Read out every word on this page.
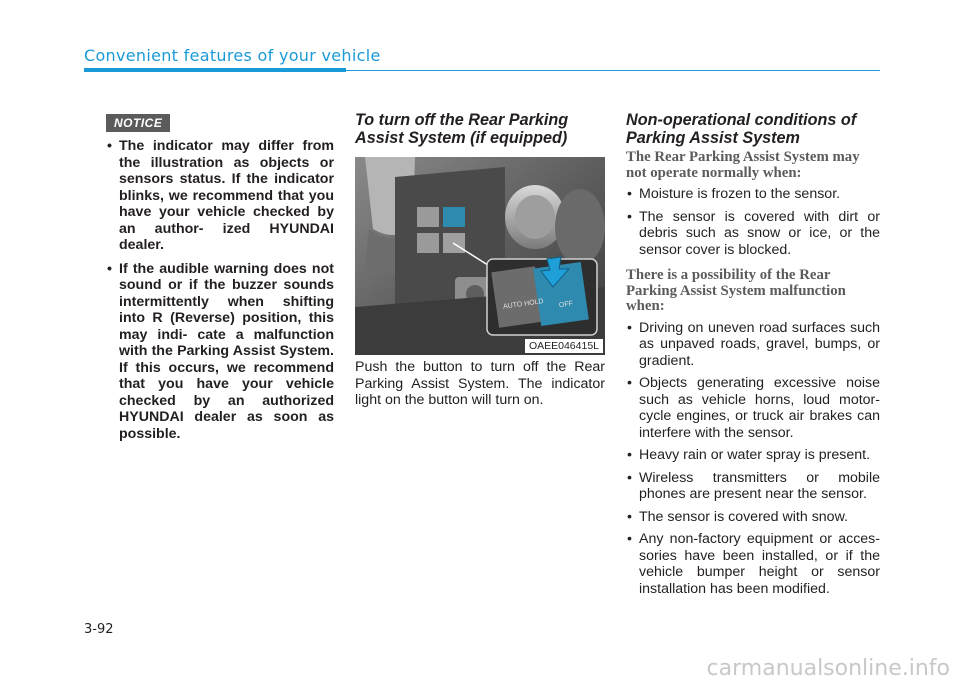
Convenient features of your vehicle
NOTICE
• The indicator may differ from the illustration as objects or sensors status. If the indicator blinks, we recommend that you have your vehicle checked by an author- ized HYUNDAI dealer.
• If the audible warning does not sound or if the buzzer sounds intermittently when shifting into R (Reverse) position, this may indi- cate a malfunction with the Parking Assist System. If this occurs, we recommend that you have your vehicle checked by an authorized HYUNDAI dealer as soon as possible.
To turn off the Rear Parking Assist System (if equipped)
AUTO HOLD OFF
OAEE046415L

Push the button to turn off the Rear Parking Assist System. The indicator light on the button will turn on.

Non-operational conditions of Parking Assist System

The Rear Parking Assist System may not operate normally when:

• Moisture is frozen to the sensor.
• The sensor is covered with dirt or debris such as snow or ice, or the sensor cover is blocked.

There is a possibility of the Rear Parking Assist System malfunction when:

• Driving on uneven road surfaces such as unpaved roads, gravel, bumps, or gradient.
• Objects generating excessive noise such as vehicle horns, loud motor- cycle engines, or truck air brakes can interfere with the sensor.
• Heavy rain or water spray is present.
• Wireless transmitters or mobile phones are present near the sensor.
• The sensor is covered with snow.
• Any non-factory equipment or acces- sories have been installed, or if the vehicle bumper height or sensor installation has been modified.
3-92
carmanualsonline.info
